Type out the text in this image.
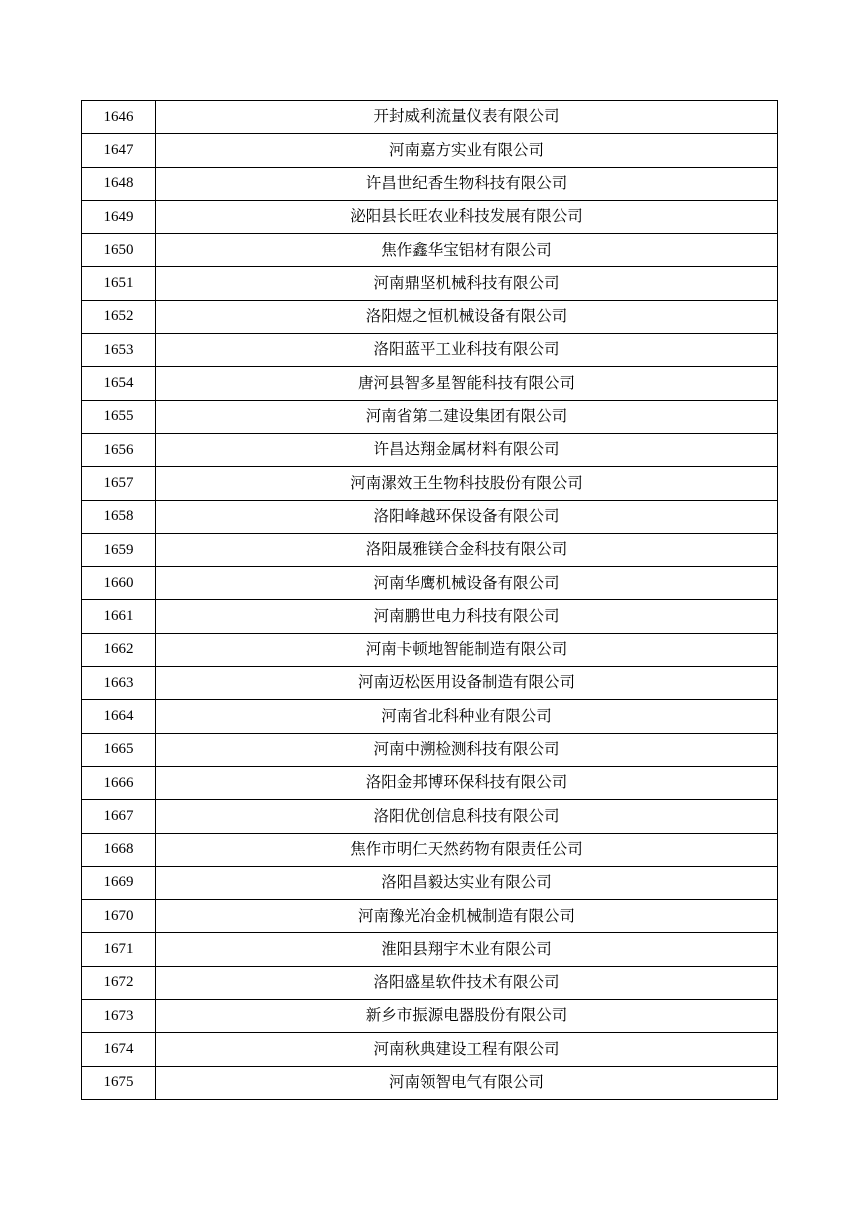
1646	开封威利流量仪表有限公司
1647	河南嘉方实业有限公司
1648	许昌世纪香生物科技有限公司
1649	泌阳县长旺农业科技发展有限公司
1650	焦作鑫华宝铝材有限公司
1651	河南鼎坚机械科技有限公司
1652	洛阳煜之恒机械设备有限公司
1653	洛阳蓝平工业科技有限公司
1654	唐河县智多星智能科技有限公司
1655	河南省第二建设集团有限公司
1656	许昌达翔金属材料有限公司
1657	河南漯效王生物科技股份有限公司
1658	洛阳峰越环保设备有限公司
1659	洛阳晟雅镁合金科技有限公司
1660	河南华鹰机械设备有限公司
1661	河南鹏世电力科技有限公司
1662	河南卡顿地智能制造有限公司
1663	河南迈松医用设备制造有限公司
1664	河南省北科种业有限公司
1665	河南中溯检测科技有限公司
1666	洛阳金邦博环保科技有限公司
1667	洛阳优创信息科技有限公司
1668	焦作市明仁天然药物有限责任公司
1669	洛阳昌毅达实业有限公司
1670	河南豫光冶金机械制造有限公司
1671	淮阳县翔宇木业有限公司
1672	洛阳盛星软件技术有限公司
1673	新乡市振源电器股份有限公司
1674	河南秋典建设工程有限公司
1675	河南领智电气有限公司
